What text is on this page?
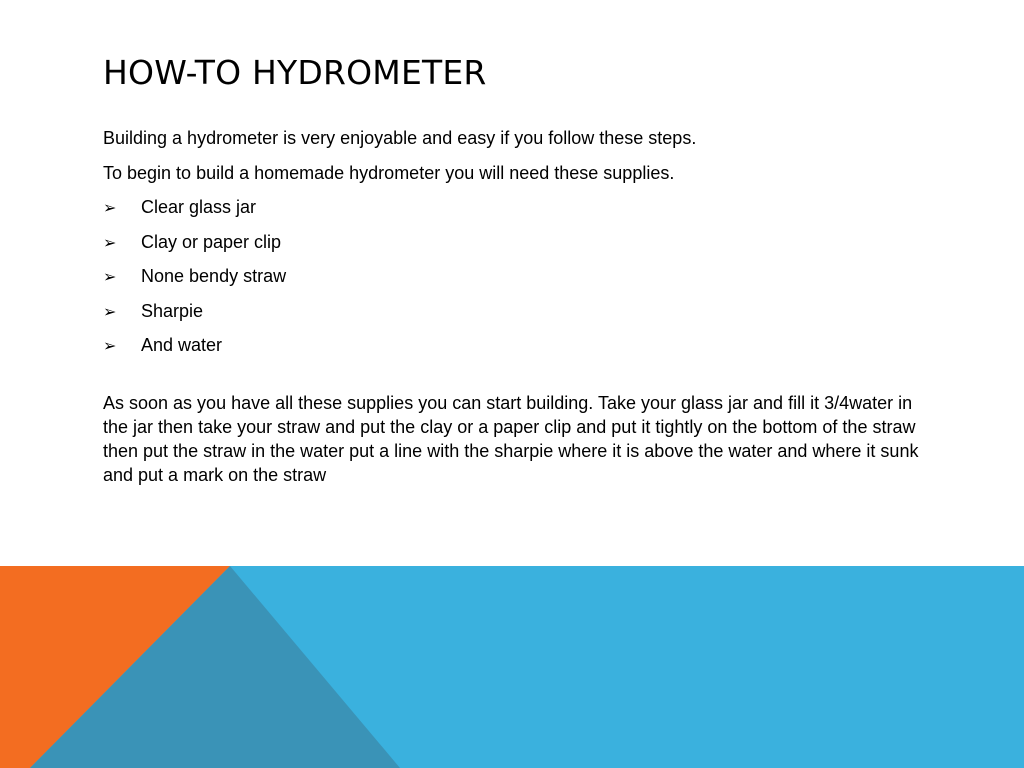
HOW-TO HYDROMETER

Building a hydrometer is very enjoyable and easy if you follow these steps.

To begin to build a homemade hydrometer you will need these supplies.

➢ Clear glass jar
➢ Clay or paper clip
➢ None bendy straw
➢ Sharpie
➢ And water

As soon as you have all these supplies you can start building. Take your glass jar and fill it 3/4water in the jar then take your straw and put the clay or a paper clip and put it tightly on the bottom of the straw then put the straw in the water put a line with the sharpie where it is above the water and where it sunk and put a mark on the straw
